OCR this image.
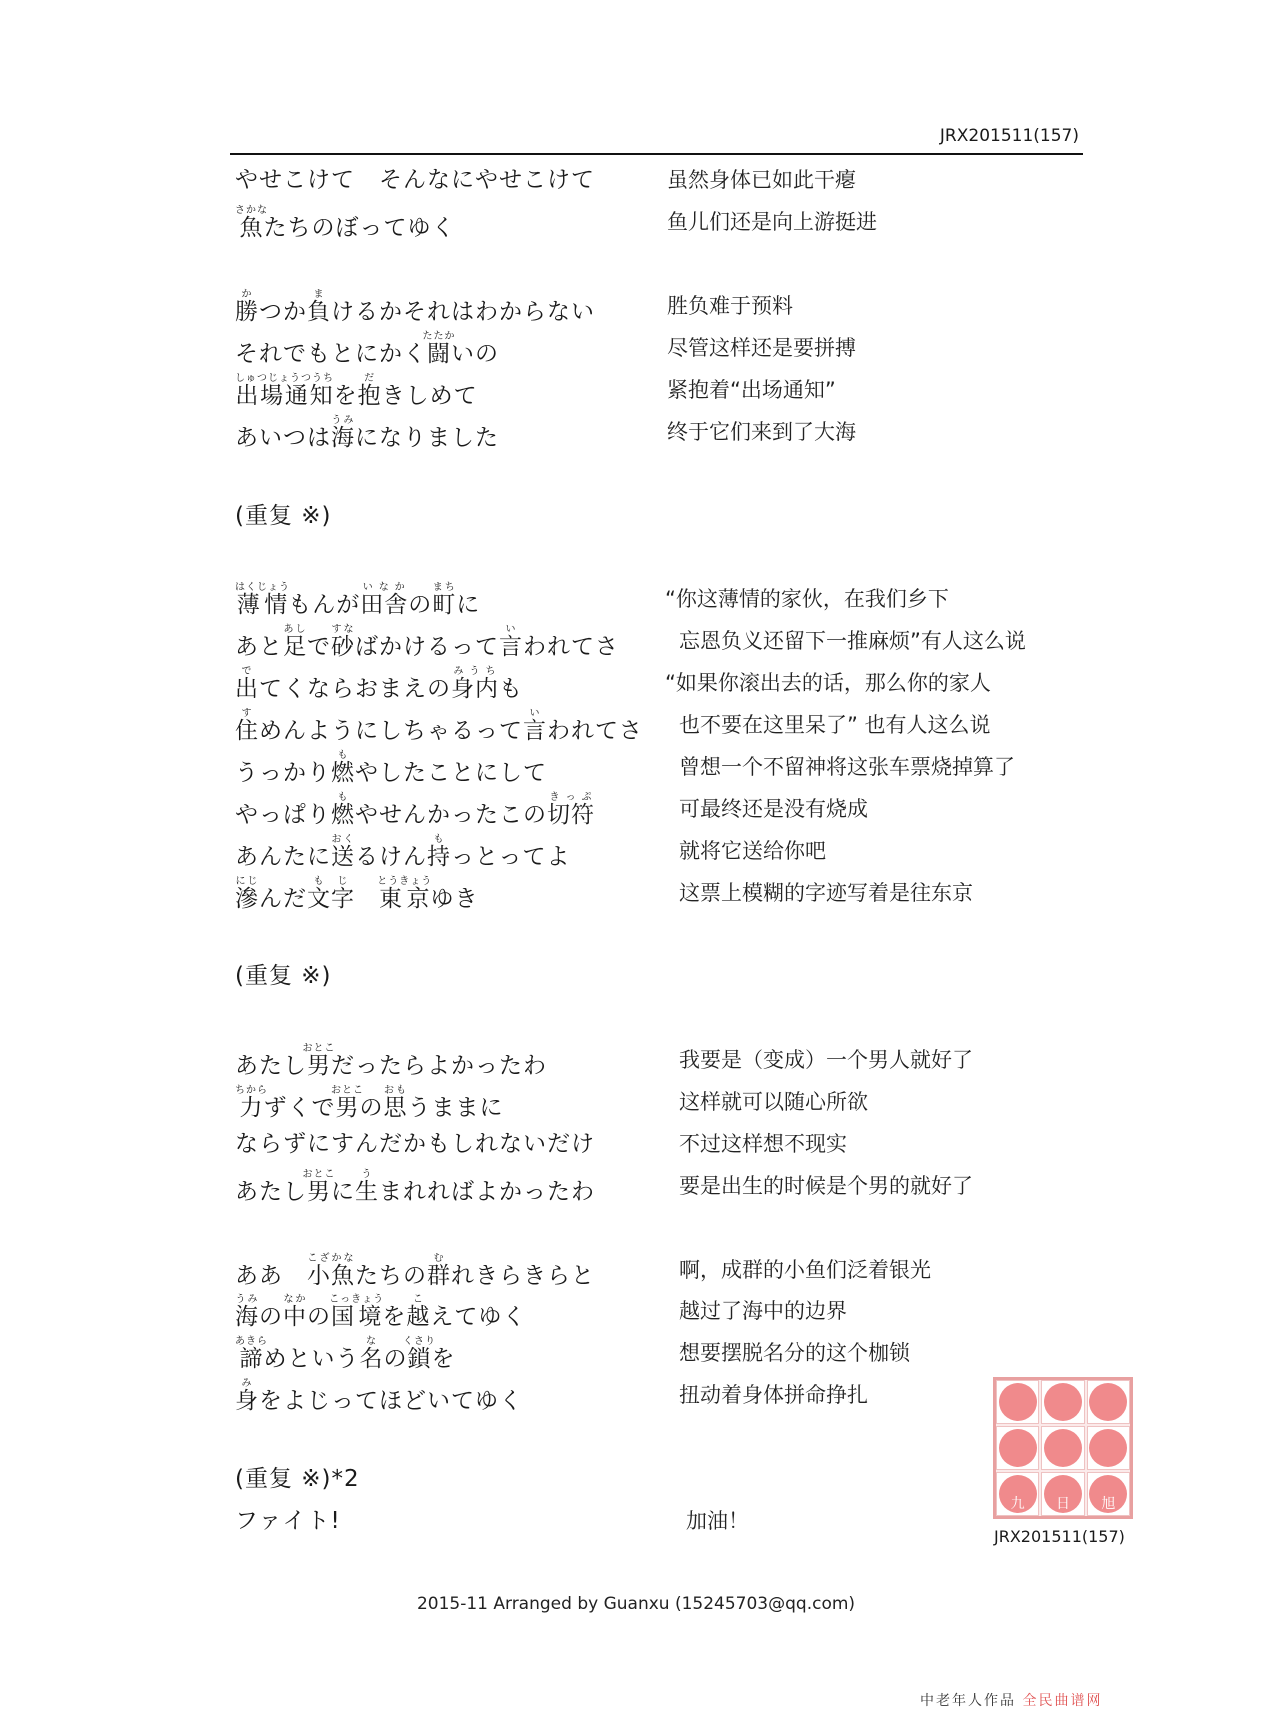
JRX201511(157)
やせこけて　そんなにやせこけて	虽然身体已如此干瘪
魚さかなたちのぼってゆく	鱼儿们还是向上游挺进
勝かつか負まけるかそれはわからない	胜负难于预料
それでもとにかく闘たたかいの	尽管这样还是要拼搏
出場通知しゅつじょうつうちを抱だきしめて	紧抱着“出场通知”
あいつは海うみになりました	终于它们来到了大海
(重复 ※)
薄情はくじょうもんが田舎いなかの町まちに	“你这薄情的家伙，在我们乡下
あと足あしで砂すなばかけるって言いわれてさ	忘恩负义还留下一推麻烦”有人这么说
出でてくならおまえの身内みうちも	“如果你滚出去的话，那么你的家人
住すめんようにしちゃるって言いわれてさ	也不要在这里呆了” 也有人这么说
うっかり燃もやしたことにして	曾想一个不留神将这张车票烧掉算了
やっぱり燃もやせんかったこの切符きっぷ	可最终还是没有烧成
あんたに送おくるけん持もっとってよ	就将它送给你吧
滲にじんだ文字もじ　東京とうきょうゆき	这票上模糊的字迹写着是往东京
(重复 ※)
あたし男おとこだったらよかったわ	我要是（变成）一个男人就好了
力ちからずくで男おとこの思おもうままに	这样就可以随心所欲
ならずにすんだかもしれないだけ	不过这样想不现实
あたし男おとこに生うまれればよかったわ	要是出生的时候是个男的就好了
ああ　小魚こざかなたちの群むれきらきらと	啊，成群的小鱼们泛着银光
海うみの中なかの国境こっきょうを越こえてゆく	越过了海中的边界
諦あきらめという名なの鎖くさりを	想要摆脱名分的这个枷锁
身みをよじってほどいてゆく	扭动着身体拼命挣扎
(重复 ※)*2
ファイト!	加油！
九	日	旭
JRX201511(157)
2015-11 Arranged by Guanxu (15245703@qq.com)
中老年人作品 全民曲谱网
